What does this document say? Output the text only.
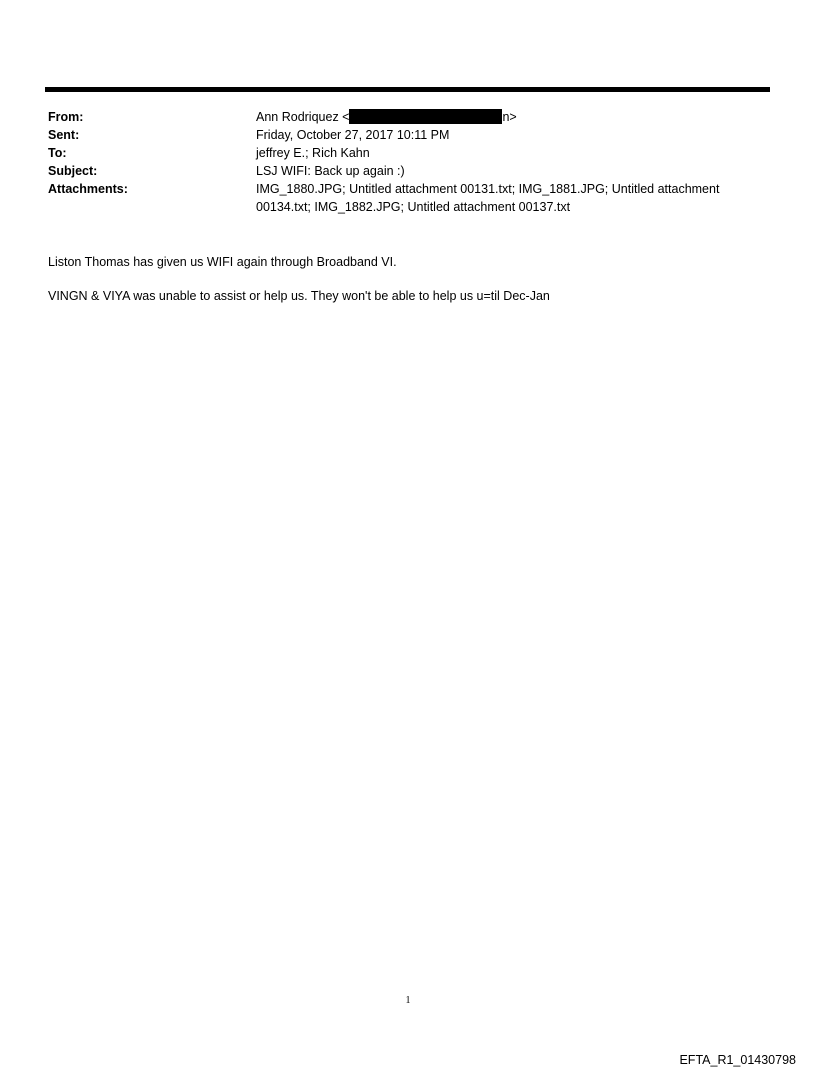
From:	Ann Rodriquez <	n>
Sent:	Friday, October 27, 2017 10:11 PM
To:	jeffrey E.; Rich Kahn
Subject:	LSJ WIFI: Back up again :)
Attachments:	IMG_1880.JPG; Untitled attachment 00131.txt; IMG_1881.JPG; Untitled attachment 00134.txt; IMG_1882.JPG; Untitled attachment 00137.txt

Liston Thomas has given us WIFI again through Broadband VI.

VINGN & VIYA was unable to assist or help us. They won't be able to help us u=til Dec-Jan

1
EFTA_R1_01430798
